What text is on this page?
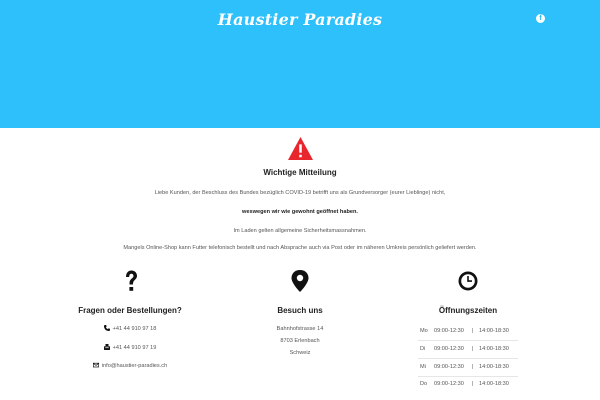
Haustier Paradies	f
Wichtige Mitteilung
Liebe Kunden, der Beschluss des Bundes bezüglich COVID-19 betrifft uns als Grundversorger (eurer Lieblinge) nicht,
weswegen wir wie gewohnt geöffnet haben.
Im Laden gelten allgemeine Sicherheitsmassnahmen.
Mangels Online-Shop kann Futter telefonisch bestellt und nach Absprache auch via Post oder im näheren Umkreis persönlich geliefert werden.
Fragen oder Bestellungen?
+41 44 910 97 18
+41 44 910 97 19
info@haustier-paradies.ch
Besuch uns
Bahnhofstrasse 14
8703 Erlenbach
Schweiz
Öffnungszeiten
Mo 09:00-12:30 | 14:00-18:30
Di 09:00-12:30 | 14:00-18:30
Mi 09:00-12:30 | 14:00-18:30
Do 09:00-12:30 | 14:00-18:30
